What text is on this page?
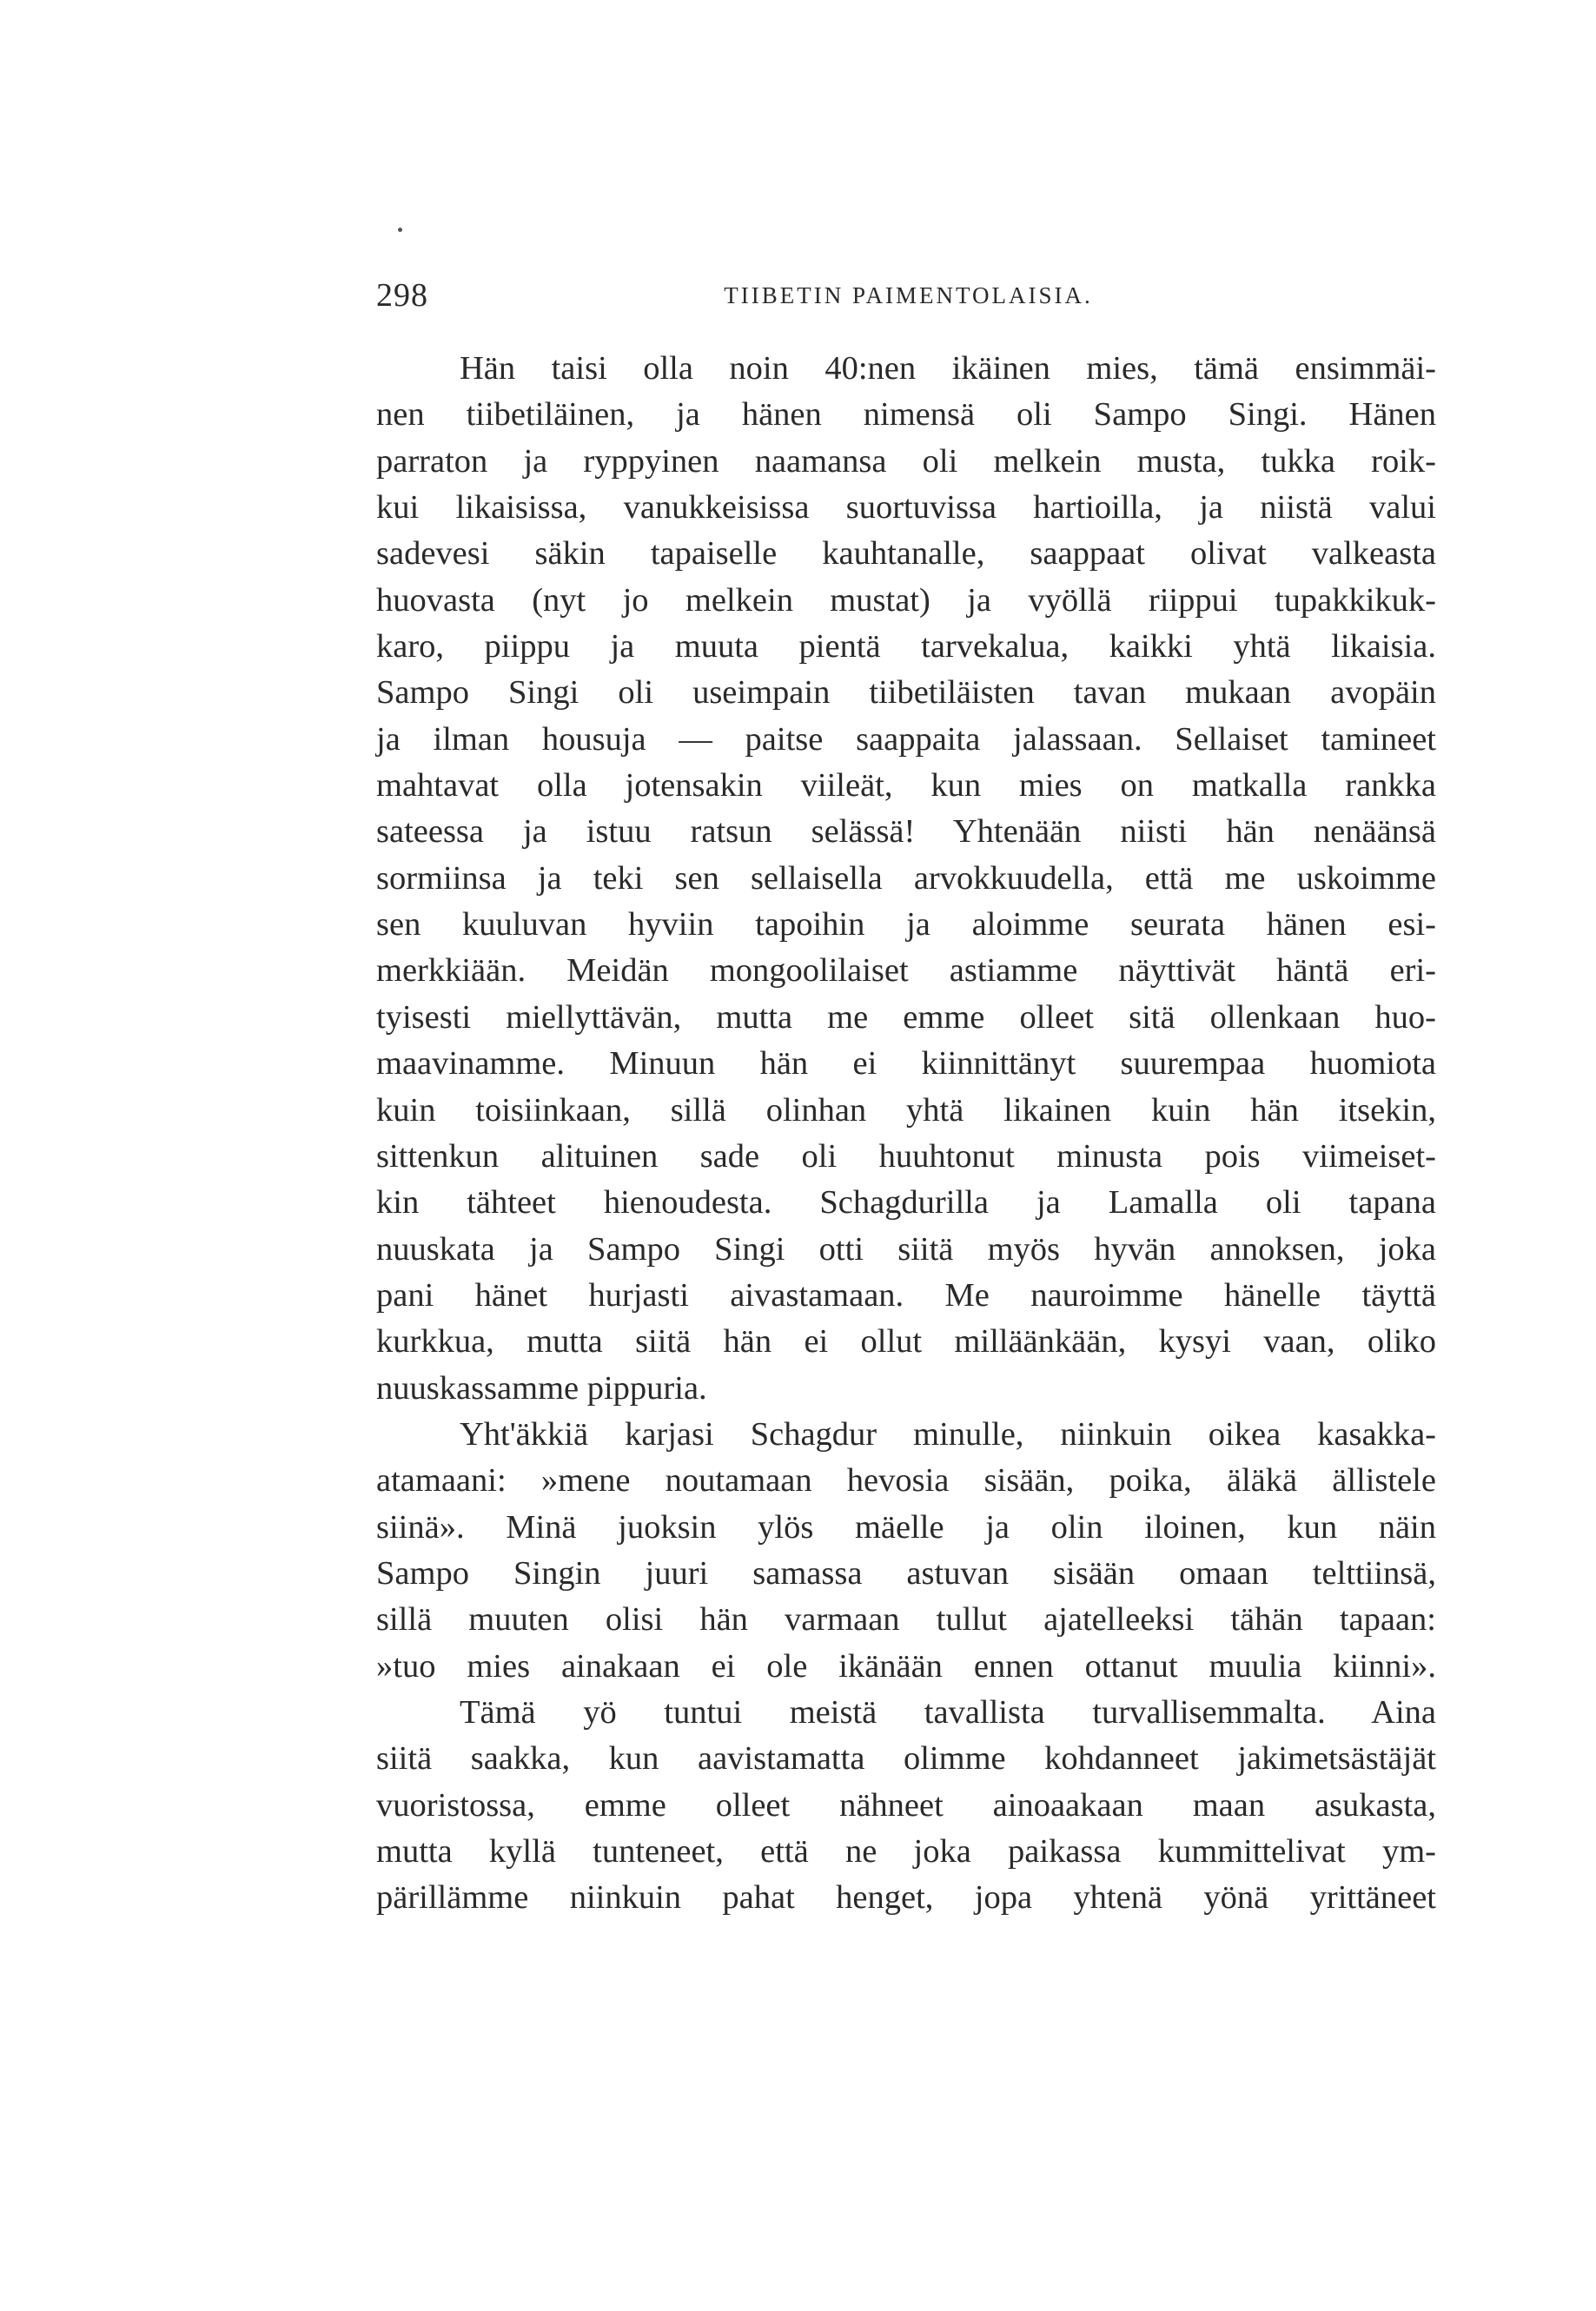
298	TIIBETIN PAIMENTOLAISIA.
Hän taisi olla noin 40:nen ikäinen mies, tämä ensimmäi-
nen tiibetiläinen, ja hänen nimensä oli Sampo Singi. Hänen
parraton ja ryppyinen naamansa oli melkein musta, tukka roik-
kui likaisissa, vanukkeisissa suortuvissa hartioilla, ja niistä valui
sadevesi säkin tapaiselle kauhtanalle, saappaat olivat valkeasta
huovasta (nyt jo melkein mustat) ja vyöllä riippui tupakkikuk-
karo, piippu ja muuta pientä tarvekalua, kaikki yhtä likaisia.
Sampo Singi oli useimpain tiibetiläisten tavan mukaan avopäin
ja ilman housuja — paitse saappaita jalassaan. Sellaiset tamineet
mahtavat olla jotensakin viileät, kun mies on matkalla rankka
sateessa ja istuu ratsun selässä! Yhtenään niisti hän nenäänsä
sormiinsa ja teki sen sellaisella arvokkuudella, että me uskoimme
sen kuuluvan hyviin tapoihin ja aloimme seurata hänen esi-
merkkiään. Meidän mongoolilaiset astiamme näyttivät häntä eri-
tyisesti miellyttävän, mutta me emme olleet sitä ollenkaan huo-
maavinamme. Minuun hän ei kiinnittänyt suurempaa huomiota
kuin toisiinkaan, sillä olinhan yhtä likainen kuin hän itsekin,
sittenkun alituinen sade oli huuhtonut minusta pois viimeiset-
kin tähteet hienoudesta. Schagdurilla ja Lamalla oli tapana
nuuskata ja Sampo Singi otti siitä myös hyvän annoksen, joka
pani hänet hurjasti aivastamaan. Me nauroimme hänelle täyttä
kurkkua, mutta siitä hän ei ollut milläänkään, kysyi vaan, oliko
nuuskassamme pippuria.
Yht'äkkiä karjasi Schagdur minulle, niinkuin oikea kasakka-
atamaani: »mene noutamaan hevosia sisään, poika, äläkä ällistele
siinä». Minä juoksin ylös mäelle ja olin iloinen, kun näin
Sampo Singin juuri samassa astuvan sisään omaan telttiinsä,
sillä muuten olisi hän varmaan tullut ajatelleeksi tähän tapaan:
»tuo mies ainakaan ei ole ikänään ennen ottanut muulia kiinni».
Tämä yö tuntui meistä tavallista turvallisemmalta. Aina
siitä saakka, kun aavistamatta olimme kohdanneet jakimetsästäjät
vuoristossa, emme olleet nähneet ainoaakaan maan asukasta,
mutta kyllä tunteneet, että ne joka paikassa kummittelivat ym-
pärillämme niinkuin pahat henget, jopa yhtenä yönä yrittäneet
